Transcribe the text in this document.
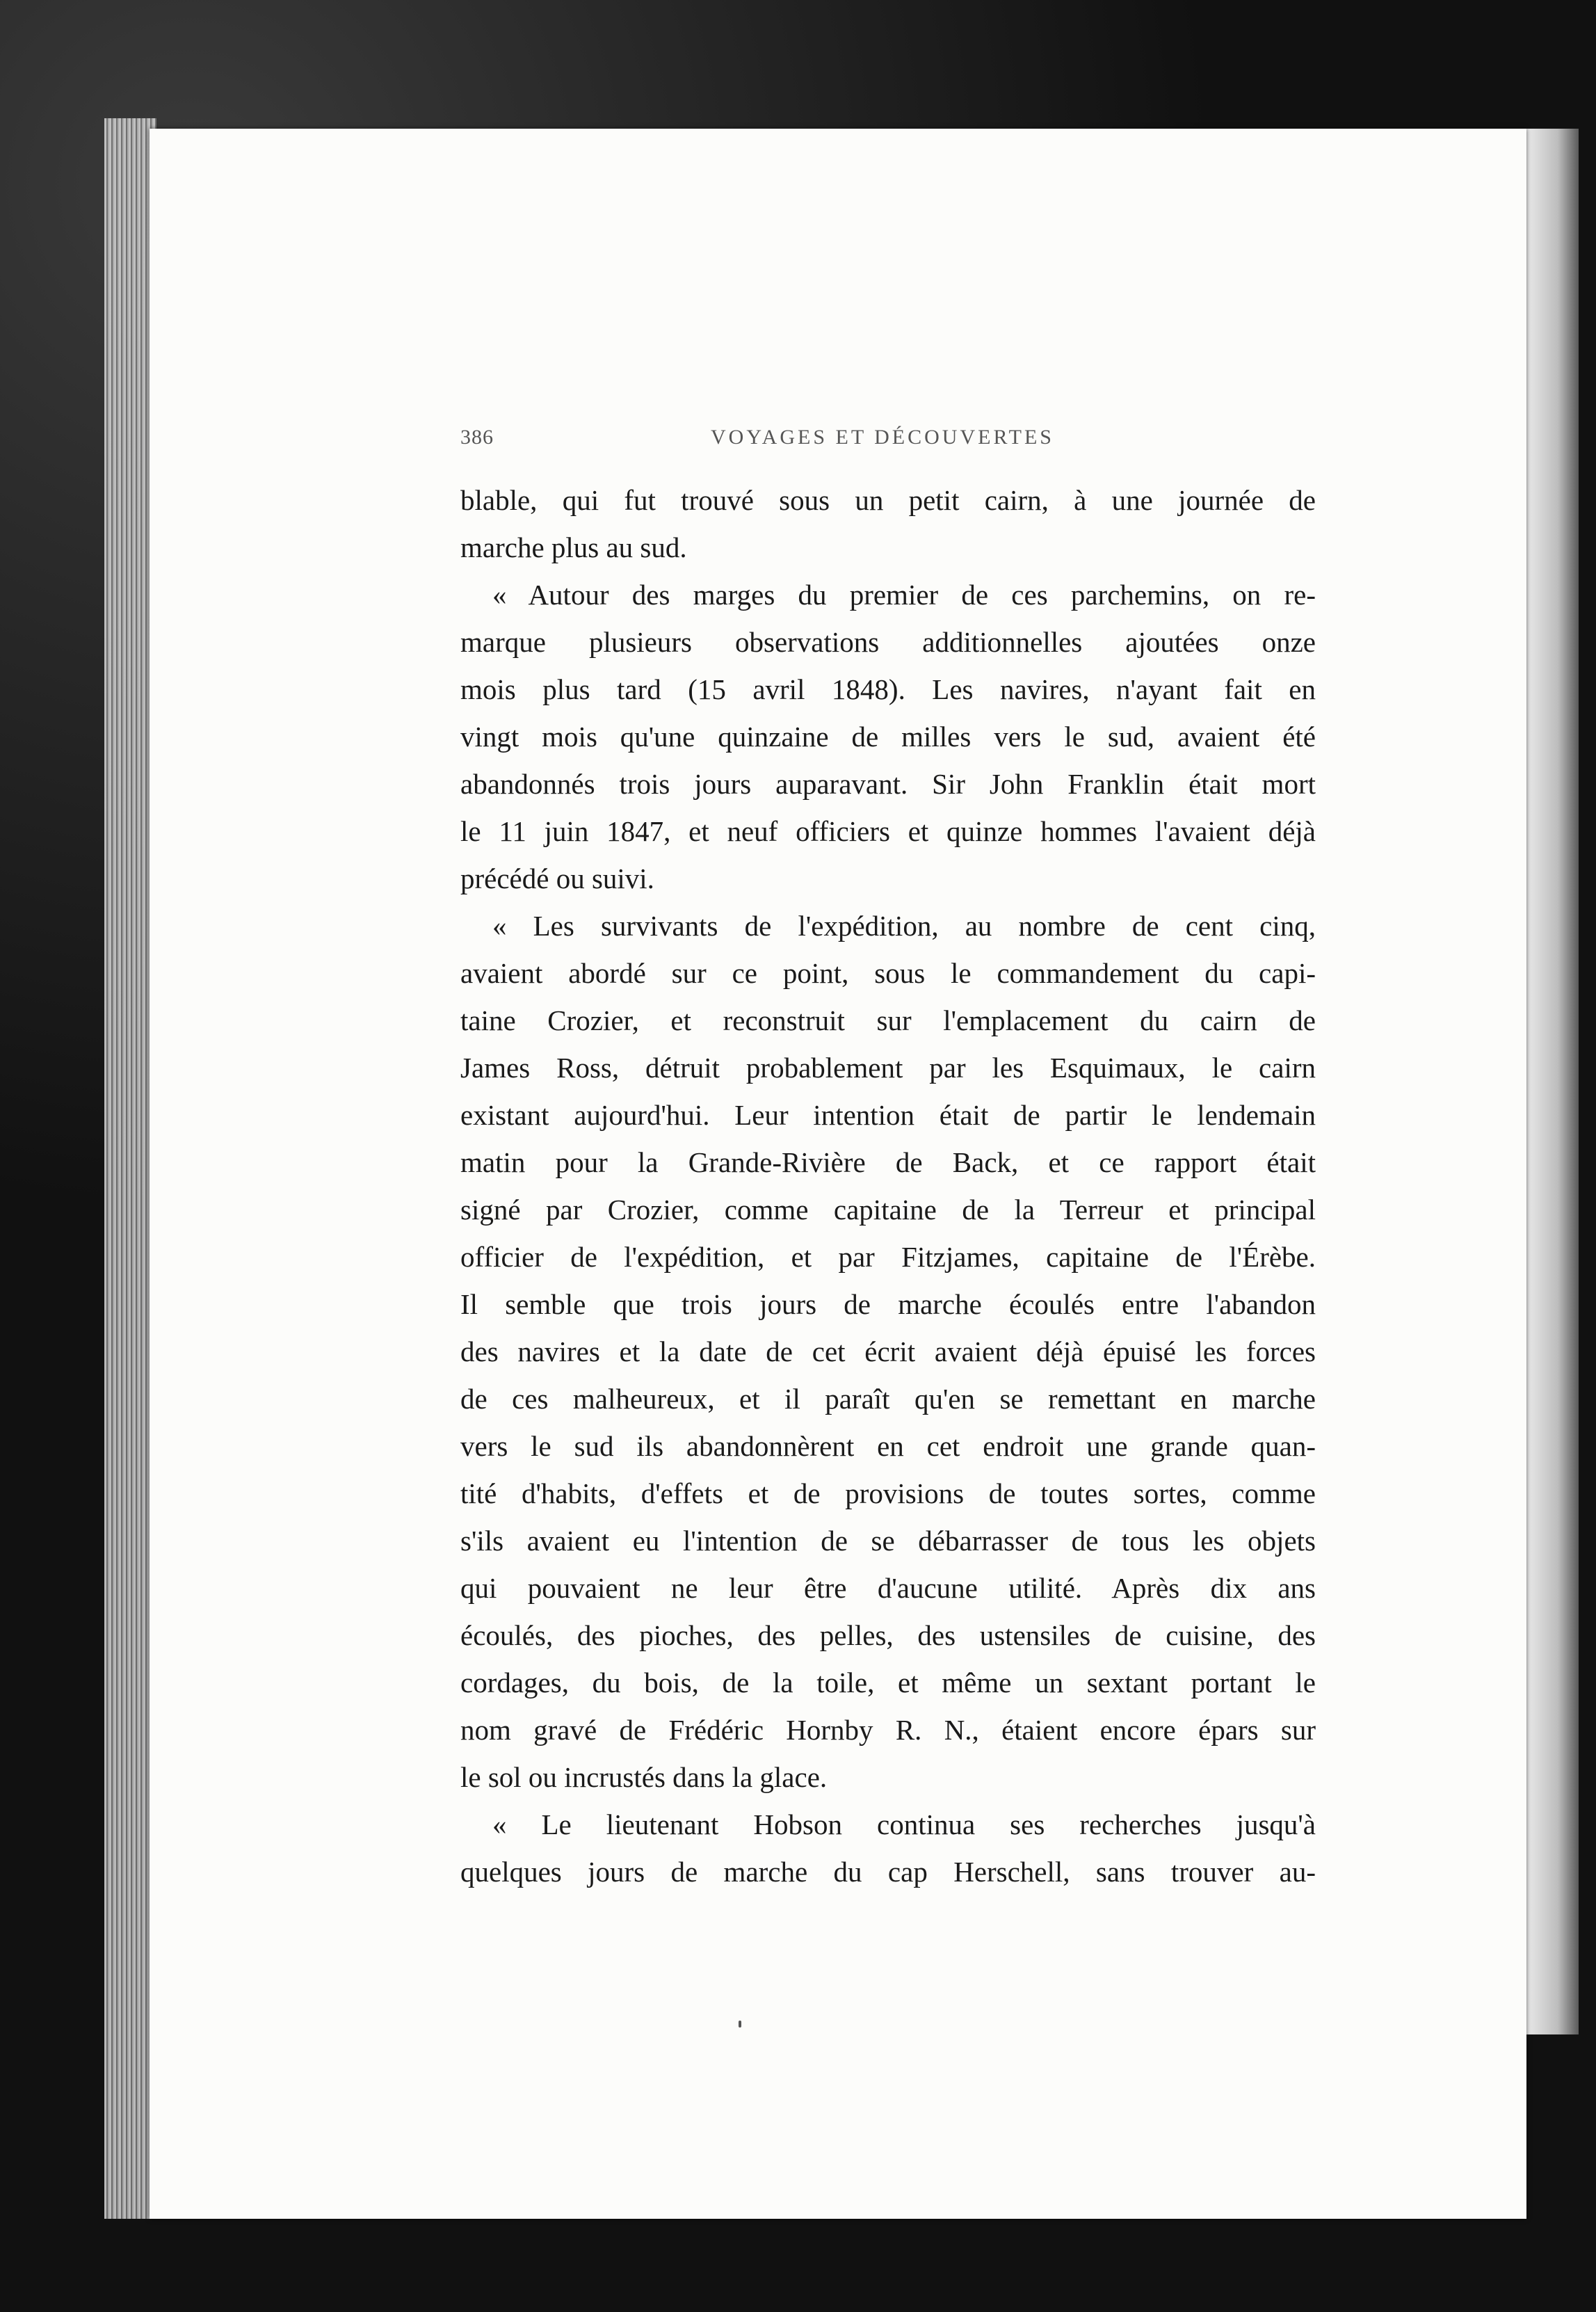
386	VOYAGES ET DÉCOUVERTES
blable, qui fut trouvé sous un petit cairn, à une journée de
marche plus au sud.
« Autour des marges du premier de ces parchemins, on re-
marque plusieurs observations additionnelles ajoutées onze
mois plus tard (15 avril 1848). Les navires, n'ayant fait en
vingt mois qu'une quinzaine de milles vers le sud, avaient été
abandonnés trois jours auparavant. Sir John Franklin était mort
le 11 juin 1847, et neuf officiers et quinze hommes l'avaient déjà
précédé ou suivi.
« Les survivants de l'expédition, au nombre de cent cinq,
avaient abordé sur ce point, sous le commandement du capi-
taine Crozier, et reconstruit sur l'emplacement du cairn de
James Ross, détruit probablement par les Esquimaux, le cairn
existant aujourd'hui. Leur intention était de partir le lendemain
matin pour la Grande-Rivière de Back, et ce rapport était
signé par Crozier, comme capitaine de la Terreur et principal
officier de l'expédition, et par Fitzjames, capitaine de l'Érèbe.
Il semble que trois jours de marche écoulés entre l'abandon
des navires et la date de cet écrit avaient déjà épuisé les forces
de ces malheureux, et il paraît qu'en se remettant en marche
vers le sud ils abandonnèrent en cet endroit une grande quan-
tité d'habits, d'effets et de provisions de toutes sortes, comme
s'ils avaient eu l'intention de se débarrasser de tous les objets
qui pouvaient ne leur être d'aucune utilité. Après dix ans
écoulés, des pioches, des pelles, des ustensiles de cuisine, des
cordages, du bois, de la toile, et même un sextant portant le
nom gravé de Frédéric Hornby R. N., étaient encore épars sur
le sol ou incrustés dans la glace.
« Le lieutenant Hobson continua ses recherches jusqu'à
quelques jours de marche du cap Herschell, sans trouver au-
